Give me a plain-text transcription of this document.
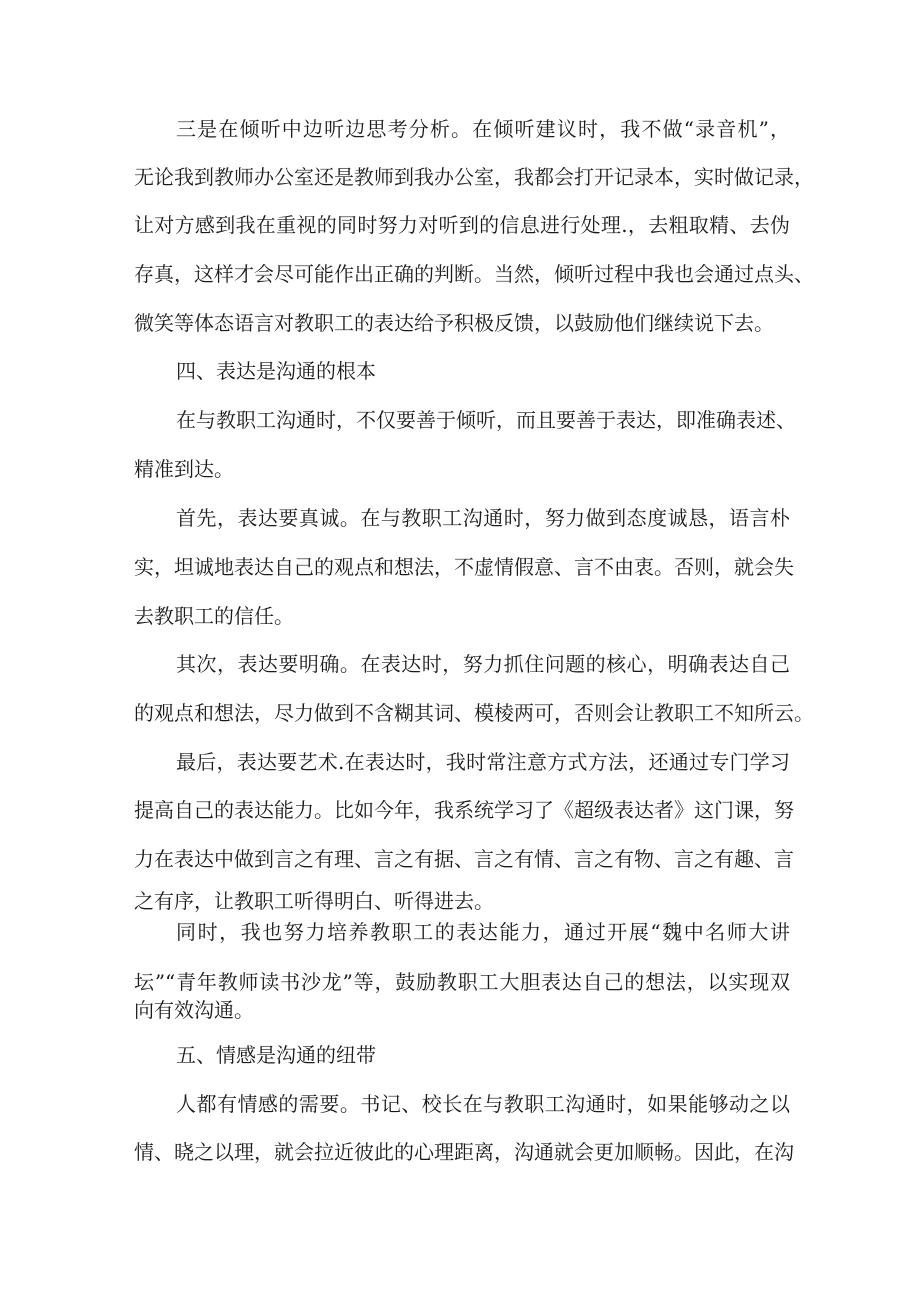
三是在倾听中边听边思考分析。在倾听建议时，我不做“录音机”，
无论我到教师办公室还是教师到我办公室，我都会打开记录本，实时做记录，
让对方感到我在重视的同时努力对听到的信息进行处理.，去粗取精、去伪
存真，这样才会尽可能作出正确的判断。当然，倾听过程中我也会通过点头、
微笑等体态语言对教职工的表达给予积极反馈，以鼓励他们继续说下去。
四、表达是沟通的根本
在与教职工沟通时，不仅要善于倾听，而且要善于表达，即准确表述、
精准到达。
首先，表达要真诚。在与教职工沟通时，努力做到态度诚恳，语言朴
实，坦诚地表达自己的观点和想法，不虚情假意、言不由衷。否则，就会失
去教职工的信任。
其次，表达要明确。在表达时，努力抓住问题的核心，明确表达自己
的观点和想法，尽力做到不含糊其词、模棱两可，否则会让教职工不知所云。
最后，表达要艺术.在表达时，我时常注意方式方法，还通过专门学习
提高自己的表达能力。比如今年，我系统学习了《超级表达者》这门课，努
力在表达中做到言之有理、言之有据、言之有情、言之有物、言之有趣、言
之有序，让教职工听得明白、听得进去。
同时，我也努力培养教职工的表达能力，通过开展“魏中名师大讲
坛”“青年教师读书沙龙”等，鼓励教职工大胆表达自己的想法，以实现双
向有效沟通。
五、情感是沟通的纽带
人都有情感的需要。书记、校长在与教职工沟通时，如果能够动之以
情、晓之以理，就会拉近彼此的心理距离，沟通就会更加顺畅。因此，在沟
